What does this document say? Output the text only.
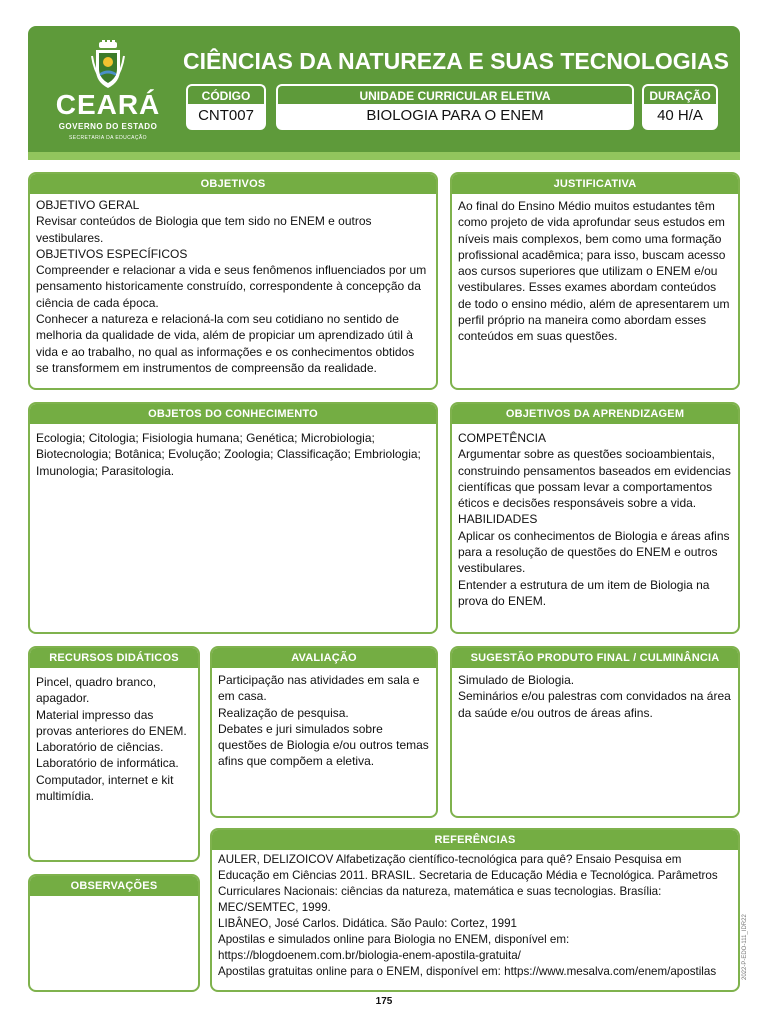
CEARÁ
GOVERNO DO ESTADO
SECRETARIA DA EDUCAÇÃO
CIÊNCIAS DA NATUREZA E SUAS TECNOLOGIAS
CÓDIGO
CNT007
UNIDADE CURRICULAR ELETIVA
BIOLOGIA PARA O ENEM
DURAÇÃO
40 H/A
OBJETIVOS

OBJETIVO GERAL

Revisar conteúdos de Biologia que tem sido no ENEM e outros vestibulares.

OBJETIVOS ESPECÍFICOS

Compreender e relacionar a vida e seus fenômenos influenciados por um pensamento historicamente construído, correspondente à concepção da ciência de cada época.

Conhecer a natureza e relacioná-la com seu cotidiano no sentido de melhoria da qualidade de vida, além de propiciar um aprendizado útil à vida e ao trabalho, no qual as informações e os conhecimentos obtidos se transformem em instrumentos de compreensão da realidade.

JUSTIFICATIVA

Ao final do Ensino Médio muitos estudantes têm como projeto de vida aprofundar seus estudos em níveis mais complexos, bem como uma formação profissional acadêmica; para isso, buscam acesso aos cursos superiores que utilizam o ENEM e/ou vestibulares. Esses exames abordam conteúdos de todo o ensino médio, além de apresentarem um perfil próprio na maneira como abordam esses conteúdos em suas questões.

OBJETOS DO CONHECIMENTO

Ecologia; Citologia; Fisiologia humana; Genética; Microbiologia; Biotecnologia; Botânica; Evolução; Zoologia; Classificação; Embriologia; Imunologia; Parasitologia.

OBJETIVOS DA APRENDIZAGEM

COMPETÊNCIA

Argumentar sobre as questões socioambientais, construindo pensamentos baseados em evidencias científicas que possam levar a comportamentos éticos e decisões responsáveis sobre a vida.

HABILIDADES

Aplicar os conhecimentos de Biologia e áreas afins para a resolução de questões do ENEM e outros vestibulares.

Entender a estrutura de um item de Biologia na prova do ENEM.

RECURSOS DIDÁTICOS

Pincel, quadro branco, apagador.

Material impresso das provas anteriores do ENEM.

Laboratório de ciências.

Laboratório de informática.

Computador, internet e kit multimídia.

AVALIAÇÃO

Participação nas atividades em sala e em casa.

Realização de pesquisa.

Debates e juri simulados sobre questões de Biologia e/ou outros temas afins que compõem a eletiva.

SUGESTÃO PRODUTO FINAL / CULMINÂNCIA

Simulado de Biologia.

Seminários e/ou palestras com convidados na área da saúde e/ou outros de áreas afins.

REFERÊNCIAS

AULER, DELIZOICOV Alfabetização científico-tecnológica para quê? Ensaio Pesquisa em Educação em Ciências 2011. BRASIL. Secretaria de Educação Média e Tecnológica. Parâmetros Curriculares Nacionais: ciências da natureza, matemática e suas tecnologias. Brasília: MEC/SEMTEC, 1999.

LIBÂNEO, José Carlos. Didática. São Paulo: Cortez, 1991

Apostilas e simulados online para Biologia no ENEM, disponível em: https://blogdoenem.com.br/biologia-enem-apostila-gratuita/

Apostilas gratuitas online para o ENEM, disponível em: https://www.mesalva.com/enem/apostilas

OBSERVAÇÕES
175
2022-P-EDO-111_IDR22
